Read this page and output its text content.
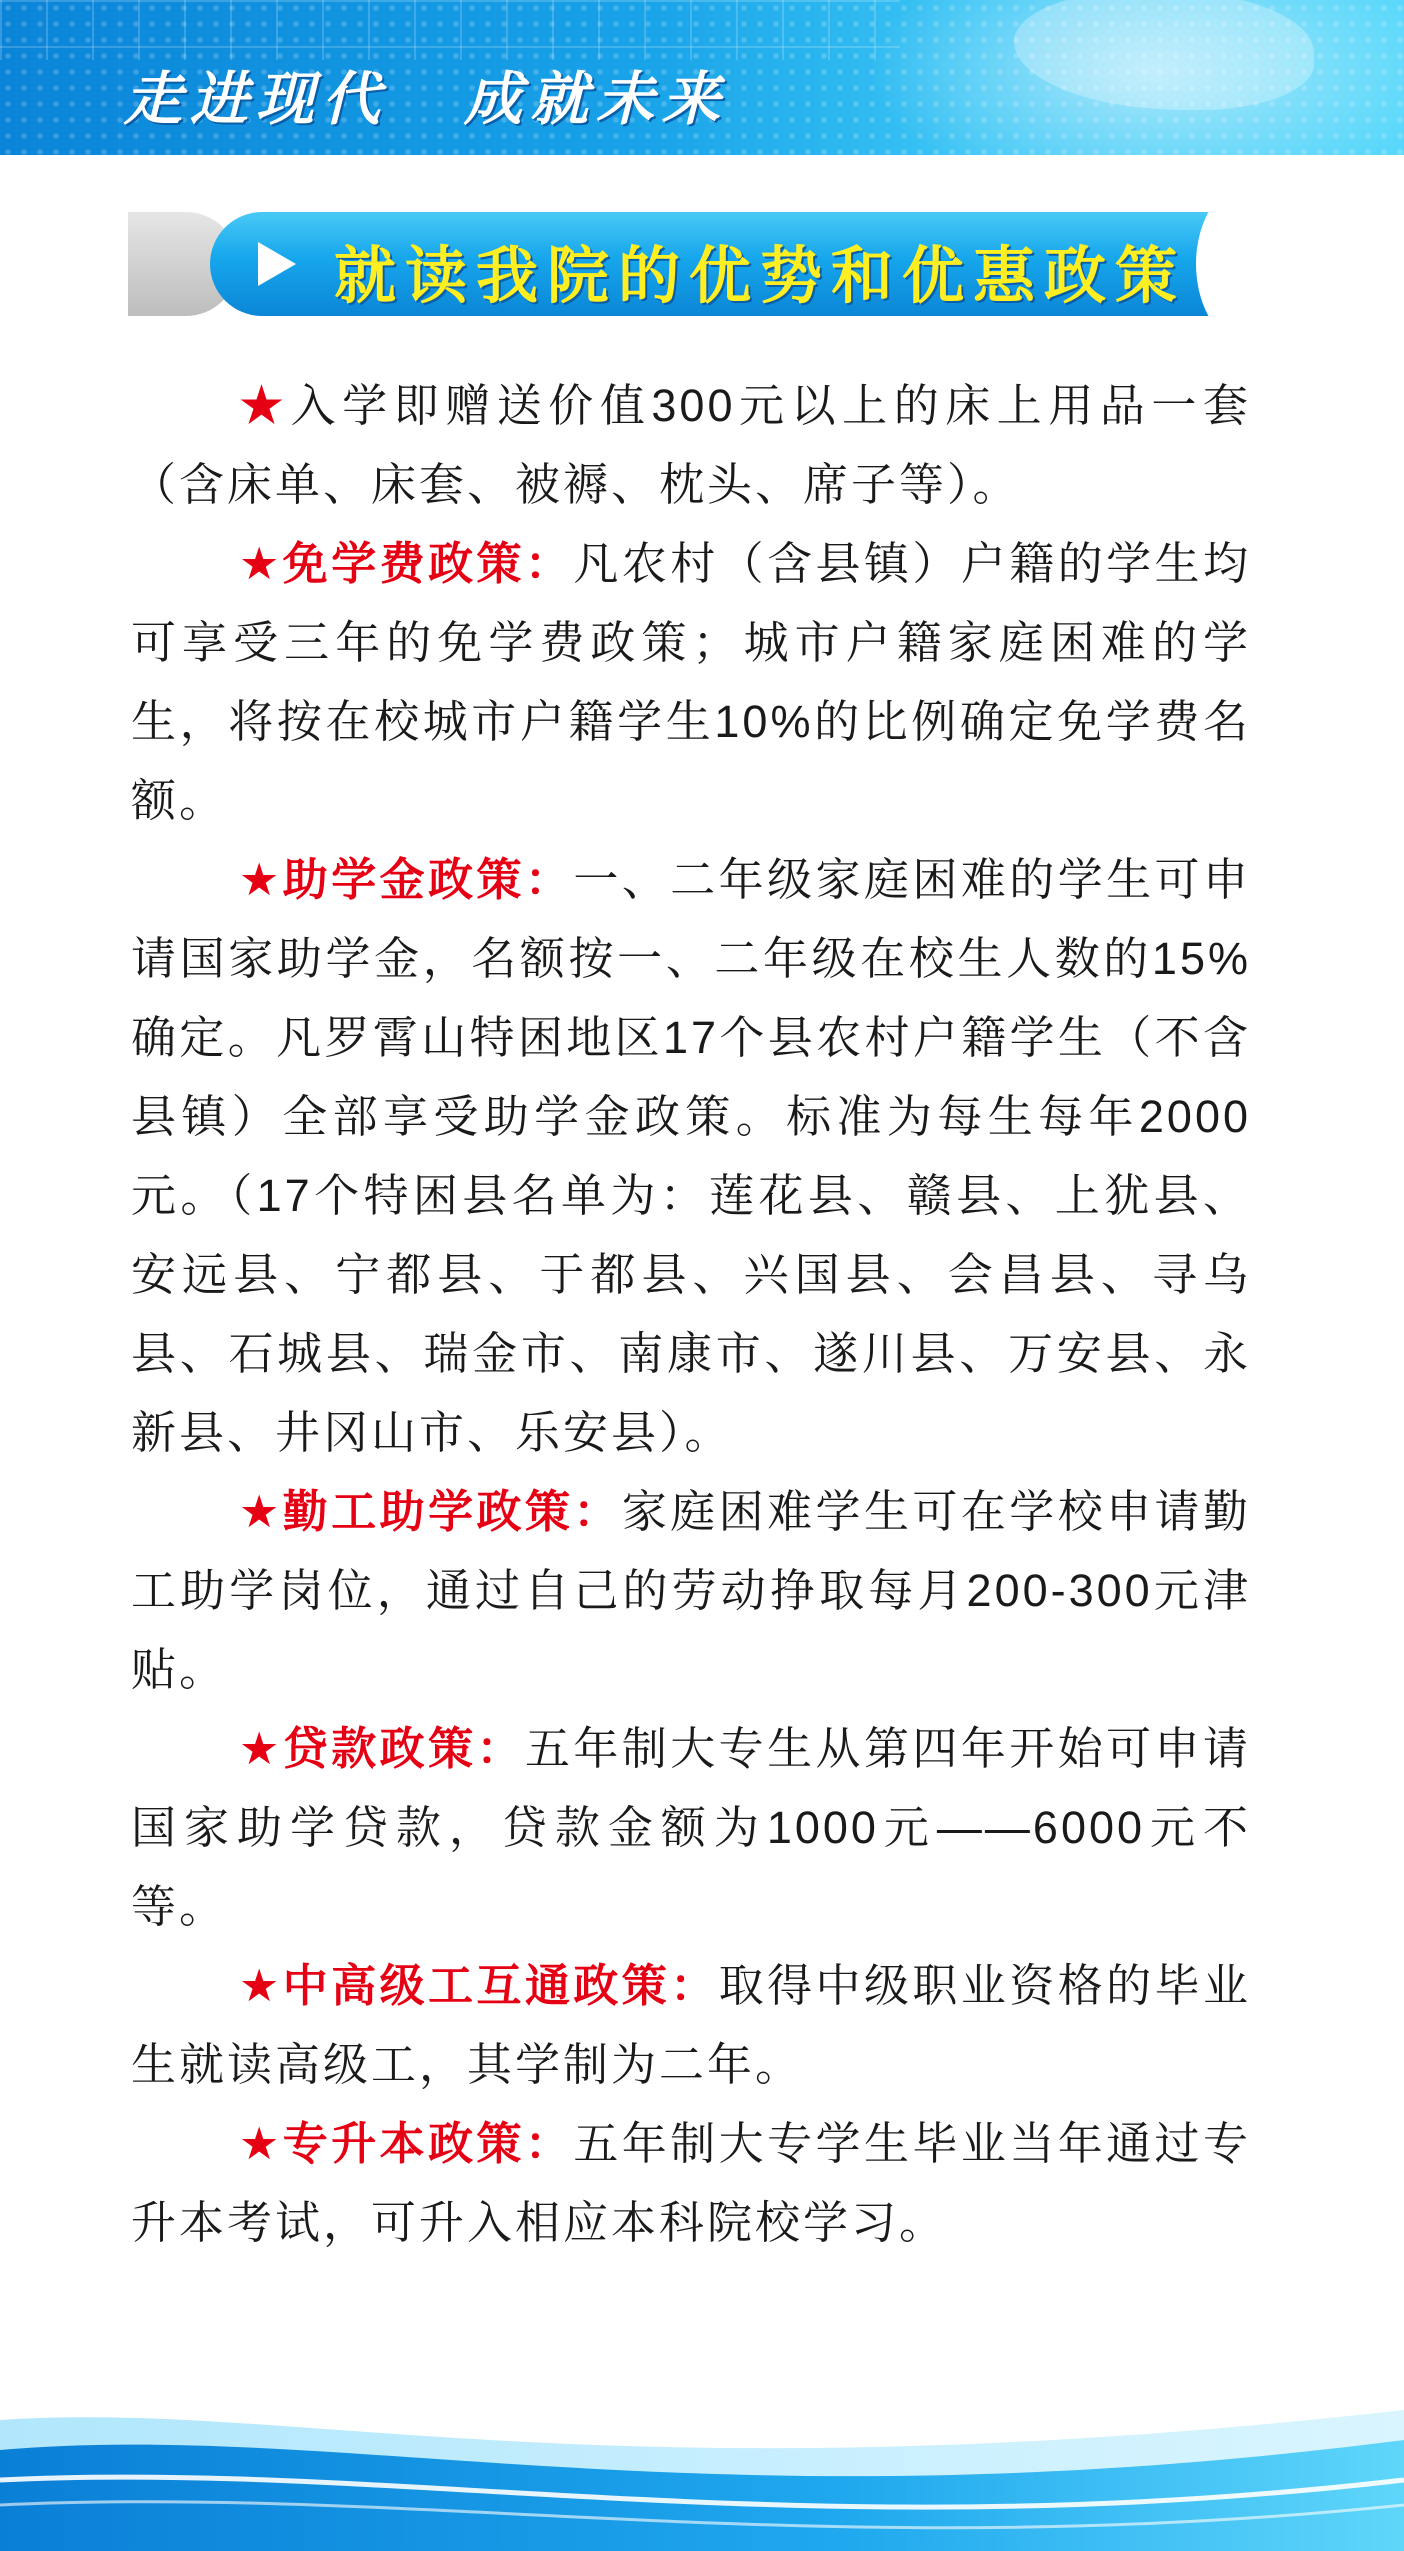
走进现代 成就未来
就读我院的优势和优惠政策

★入学即赠送价值300元以上的床上用品一套（含床单、床套、被褥、枕头、席子等）。

★免学费政策：凡农村（含县镇）户籍的学生均可享受三年的免学费政策；城市户籍家庭困难的学生，将按在校城市户籍学生10%的比例确定免学费名额。

★助学金政策：一、二年级家庭困难的学生可申请国家助学金，名额按一、二年级在校生人数的15%确定。凡罗霄山特困地区17个县农村户籍学生（不含县镇）全部享受助学金政策。标准为每生每年2000元。（17个特困县名单为：莲花县、赣县、上犹县、安远县、宁都县、于都县、兴国县、会昌县、寻乌县、石城县、瑞金市、南康市、遂川县、万安县、永新县、井冈山市、乐安县）。

★勤工助学政策：家庭困难学生可在学校申请勤工助学岗位，通过自己的劳动挣取每月200-300元津贴。

★贷款政策：五年制大专生从第四年开始可申请国家助学贷款，贷款金额为1000元——6000元不等。

★中高级工互通政策：取得中级职业资格的毕业生就读高级工，其学制为二年。

★专升本政策：五年制大专学生毕业当年通过专升本考试，可升入相应本科院校学习。
